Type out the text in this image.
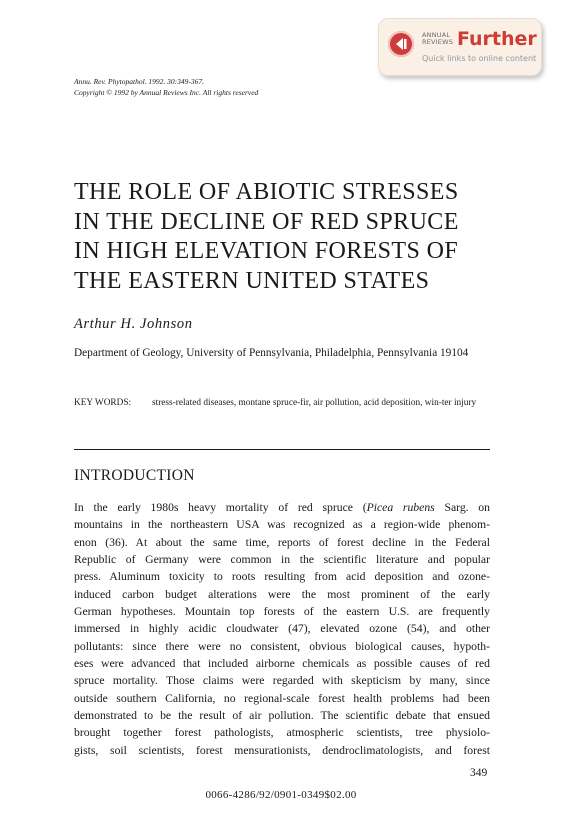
ANNUAL
REVIEWS Further
Quick links to online content
Annu. Rev. Phytopathol. 1992. 30:349-367.
Copyright © 1992 by Annual Reviews Inc. All rights reserved
THE ROLE OF ABIOTIC STRESSES
IN THE DECLINE OF RED SPRUCE
IN HIGH ELEVATION FORESTS OF
THE EASTERN UNITED STATES
Arthur H. Johnson
Department of Geology, University of Pennsylvania, Philadelphia, Pennsylvania 19104
KEY WORDS: stress-related diseases, montane spruce-fir, air pollution, acid deposition, win-ter injury
INTRODUCTION
In the early 1980s heavy mortality of red spruce (Picea rubens Sarg. on
mountains in the northeastern USA was recognized as a region-wide phenom-
enon (36). At about the same time, reports of forest decline in the Federal
Republic of Germany were common in the scientific literature and popular
press. Aluminum toxicity to roots resulting from acid deposition and ozone-
induced carbon budget alterations were the most prominent of the early
German hypotheses. Mountain top forests of the eastern U.S. are frequently
immersed in highly acidic cloudwater (47), elevated ozone (54), and other
pollutants: since there were no consistent, obvious biological causes, hypoth-
eses were advanced that included airborne chemicals as possible causes of red
spruce mortality. Those claims were regarded with skepticism by many, since
outside southern California, no regional-scale forest health problems had been
demonstrated to be the result of air pollution. The scientific debate that ensued
brought together forest pathologists, atmospheric scientists, tree physiolo-
gists, soil scientists, forest mensurationists, dendroclimatologists, and forest
349
0066-4286/92/0901-0349$02.00
